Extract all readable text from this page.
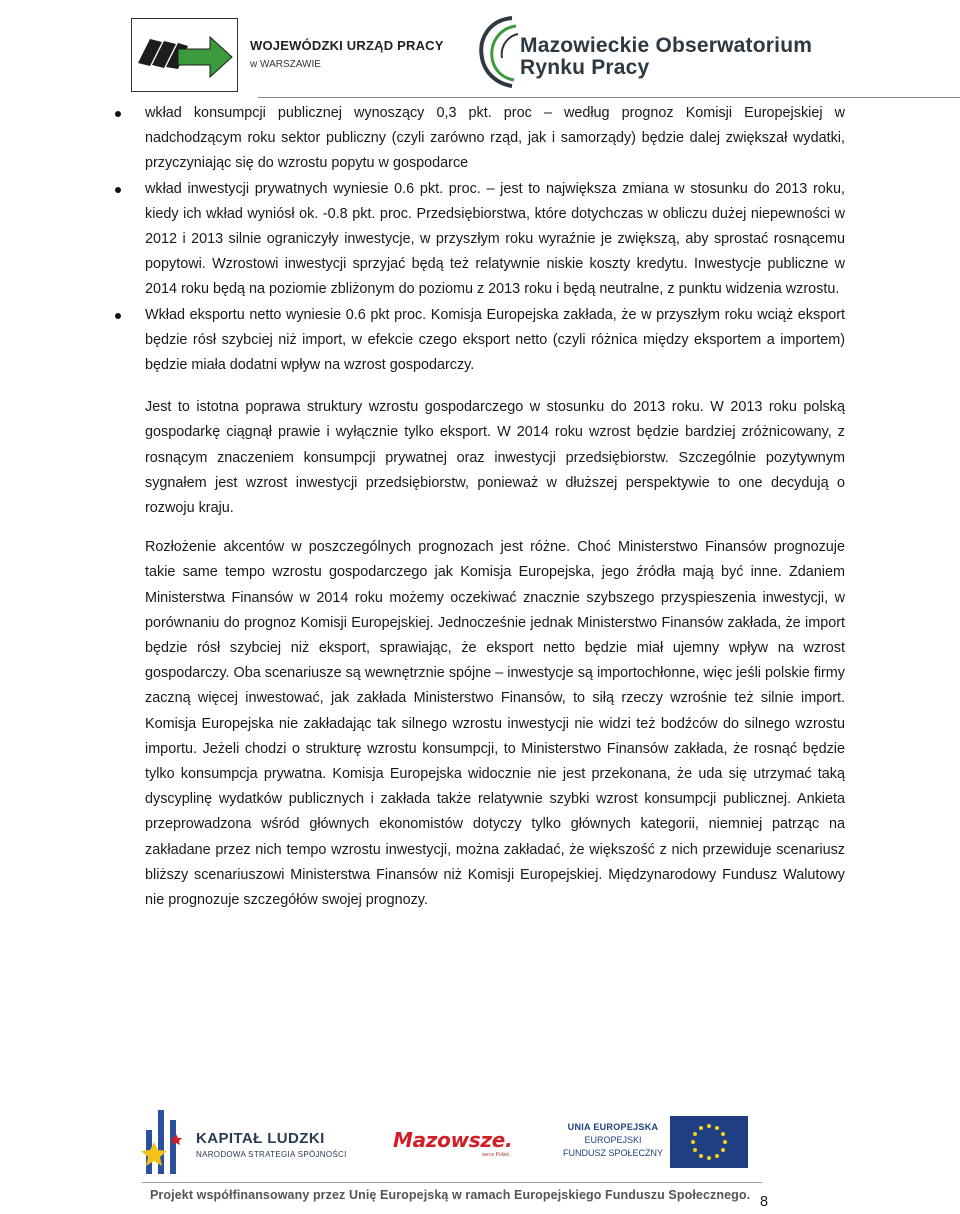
WOJEWÓDZKI URZĄD PRACY
w WARSZAWIE
Mazowieckie Obserwatorium
Rynku Pracy
wkład konsumpcji publicznej wynoszący 0,3 pkt. proc – według prognoz Komisji Europejskiej w nadchodzącym roku sektor publiczny (czyli zarówno rząd, jak i samorządy) będzie dalej zwiększał wydatki, przyczyniając się do wzrostu popytu w gospodarce
wkład inwestycji prywatnych wyniesie 0.6 pkt. proc. – jest to największa zmiana w stosunku do 2013 roku, kiedy ich wkład wyniósł ok. -0.8 pkt. proc. Przedsiębiorstwa, które dotychczas w obliczu dużej niepewności w 2012 i 2013 silnie ograniczyły inwestycje, w przyszłym roku wyraźnie je zwiększą, aby sprostać rosnącemu popytowi. Wzrostowi inwestycji sprzyjać będą też relatywnie niskie koszty kredytu. Inwestycje publiczne w 2014 roku będą na poziomie zbliżonym do poziomu z 2013 roku i będą neutralne, z punktu widzenia wzrostu.
Wkład eksportu netto wyniesie 0.6 pkt proc. Komisja Europejska zakłada, że w przyszłym roku wciąż eksport będzie rósł szybciej niż import, w efekcie czego eksport netto (czyli różnica między eksportem a importem) będzie miała dodatni wpływ na wzrost gospodarczy.

Jest to istotna poprawa struktury wzrostu gospodarczego w stosunku do 2013 roku. W 2013 roku polską gospodarkę ciągnął prawie i wyłącznie tylko eksport. W 2014 roku wzrost będzie bardziej zróżnicowany, z rosnącym znaczeniem konsumpcji prywatnej oraz inwestycji przedsiębiorstw. Szczególnie pozytywnym sygnałem jest wzrost inwestycji przedsiębiorstw, ponieważ w dłuższej perspektywie to one decydują o rozwoju kraju.

Rozłożenie akcentów w poszczególnych prognozach jest różne. Choć Ministerstwo Finansów prognozuje takie same tempo wzrostu gospodarczego jak Komisja Europejska, jego źródła mają być inne. Zdaniem Ministerstwa Finansów w 2014 roku możemy oczekiwać znacznie szybszego przyspieszenia inwestycji, w porównaniu do prognoz Komisji Europejskiej. Jednocześnie jednak Ministerstwo Finansów zakłada, że import będzie rósł szybciej niż eksport, sprawiając, że eksport netto będzie miał ujemny wpływ na wzrost gospodarczy. Oba scenariusze są wewnętrznie spójne – inwestycje są importochłonne, więc jeśli polskie firmy zaczną więcej inwestować, jak zakłada Ministerstwo Finansów, to siłą rzeczy wzrośnie też silnie import. Komisja Europejska nie zakładając tak silnego wzrostu inwestycji nie widzi też bodźców do silnego wzrostu importu. Jeżeli chodzi o strukturę wzrostu konsumpcji, to Ministerstwo Finansów zakłada, że rosnąć będzie tylko konsumpcja prywatna. Komisja Europejska widocznie nie jest przekonana, że uda się utrzymać taką dyscyplinę wydatków publicznych i zakłada także relatywnie szybki wzrost konsumpcji publicznej. Ankieta przeprowadzona wśród głównych ekonomistów dotyczy tylko głównych kategorii, niemniej patrząc na zakładane przez nich tempo wzrostu inwestycji, można zakładać, że większość z nich przewiduje scenariusz bliższy scenariuszowi Ministerstwa Finansów niż Komisji Europejskiej. Międzynarodowy Fundusz Walutowy nie prognozuje szczegółów swojej prognozy.

KAPITAŁ LUDZKI
NARODOWA STRATEGIA SPÓJNOŚCI
Mazowsze.
serce Polski
UNIA EUROPEJSKA
EUROPEJSKI
FUNDUSZ SPOŁECZNY
Projekt współfinansowany przez Unię Europejską w ramach Europejskiego Funduszu Społecznego. 8
